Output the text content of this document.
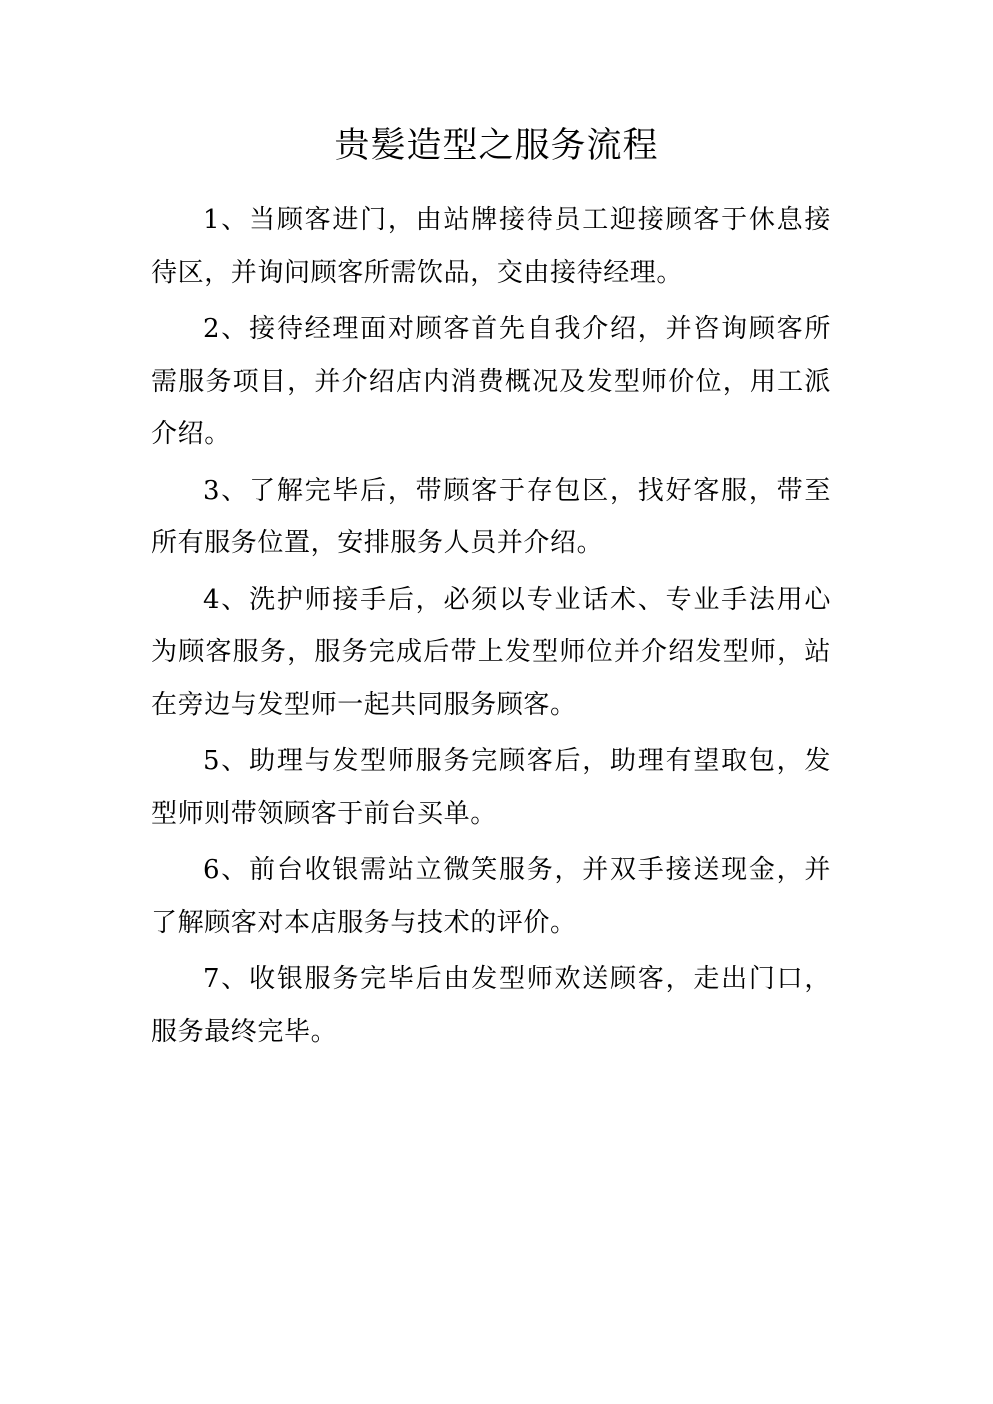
贵髪造型之服务流程

1、当顾客进门，由站牌接待员工迎接顾客于休息接待区，并询问顾客所需饮品，交由接待经理。

2、接待经理面对顾客首先自我介绍，并咨询顾客所需服务项目，并介绍店内消费概况及发型师价位，用工派介绍。

3、了解完毕后，带顾客于存包区，找好客服，带至所有服务位置，安排服务人员并介绍。

4、洗护师接手后，必须以专业话术、专业手法用心为顾客服务，服务完成后带上发型师位并介绍发型师，站在旁边与发型师一起共同服务顾客。

5、助理与发型师服务完顾客后，助理有望取包，发型师则带领顾客于前台买单。

6、前台收银需站立微笑服务，并双手接送现金，并了解顾客对本店服务与技术的评价。

7、收银服务完毕后由发型师欢送顾客，走出门口，服务最终完毕。
